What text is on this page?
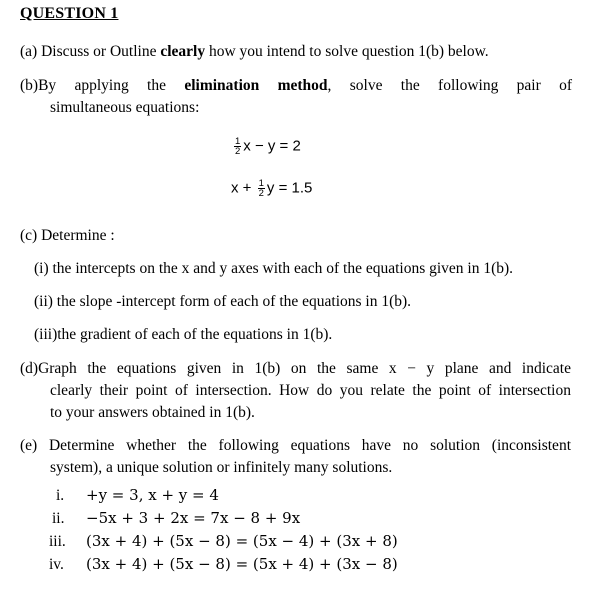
QUESTION 1
(a) Discuss or Outline clearly how you intend to solve question 1(b) below.
(b)By applying the elimination method, solve the following pair of
simultaneous equations:
$\frac{1}{2}$ x − y = 2
$x + \frac{1}{2}$ y = 1.5
(c) Determine :
(i) the intercepts on the x and y axes with each of the equations given in 1(b).
(ii) the slope -intercept form of each of the equations in 1(b).
(iii)the gradient of each of the equations in 1(b).
(d)Graph the equations given in 1(b) on the same x − y plane and indicate
clearly their point of intersection. How do you relate the point of intersection
to your answers obtained in 1(b).
(e) Determine whether the following equations have no solution (inconsistent
system), a unique solution or infinitely many solutions.
i. +y = 3, x + y = 4
ii. −5x + 3 + 2x = 7x − 8 + 9x
iii. (3x + 4) + (5x − 8) = (5x − 4) + (3x + 8)
iv. (3x + 4) + (5x − 8) = (5x + 4) + (3x − 8)
